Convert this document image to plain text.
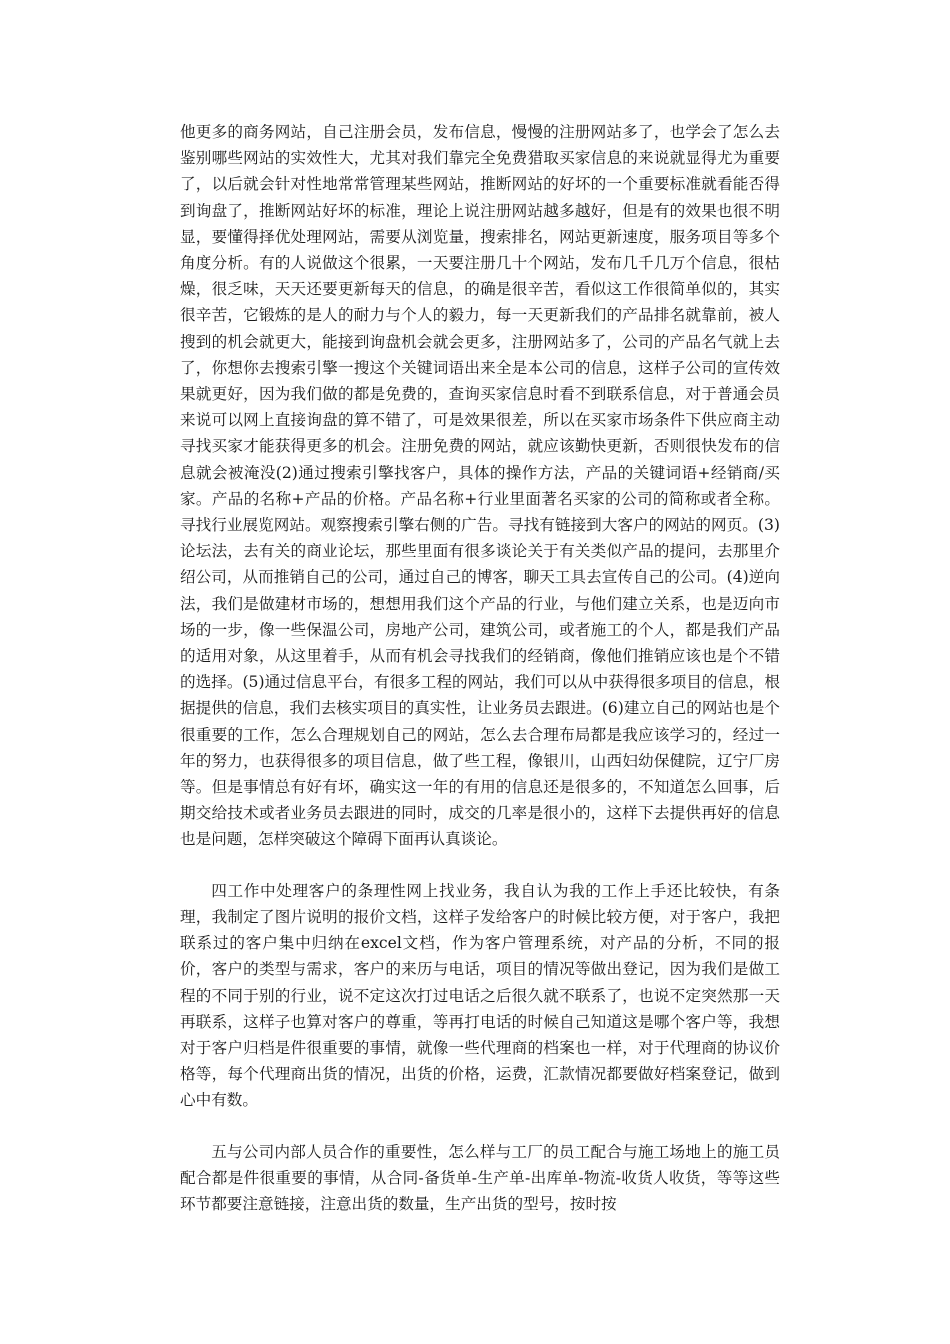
他更多的商务网站，自己注册会员，发布信息，慢慢的注册网站多了，也学会了怎么去鉴别哪些网站的实效性大，尤其对我们靠完全免费猎取买家信息的来说就显得尤为重要了，以后就会针对性地常常管理某些网站，推断网站的好坏的一个重要标准就看能否得到询盘了，推断网站好坏的标准，理论上说注册网站越多越好，但是有的效果也很不明显，要懂得择优处理网站，需要从浏览量，搜索排名，网站更新速度，服务项目等多个角度分析。有的人说做这个很累，一天要注册几十个网站，发布几千几万个信息，很枯燥，很乏味，天天还要更新每天的信息，的确是很辛苦，看似这工作很简单似的，其实很辛苦，它锻炼的是人的耐力与个人的毅力，每一天更新我们的产品排名就靠前，被人搜到的机会就更大，能接到询盘机会就会更多，注册网站多了，公司的产品名气就上去了，你想你去搜索引擎一搜这个关键词语出来全是本公司的信息，这样子公司的宣传效果就更好，因为我们做的都是免费的，查询买家信息时看不到联系信息，对于普通会员来说可以网上直接询盘的算不错了，可是效果很差，所以在买家市场条件下供应商主动寻找买家才能获得更多的机会。注册免费的网站，就应该勤快更新，否则很快发布的信息就会被淹没(2)通过搜索引擎找客户，具体的操作方法，产品的关键词语+经销商/买家。产品的名称+产品的价格。产品名称+行业里面著名买家的公司的简称或者全称。寻找行业展览网站。观察搜索引擎右侧的广告。寻找有链接到大客户的网站的网页。(3)论坛法，去有关的商业论坛，那些里面有很多谈论关于有关类似产品的提问，去那里介绍公司，从而推销自己的公司，通过自己的博客，聊天工具去宣传自己的公司。(4)逆向法，我们是做建材市场的，想想用我们这个产品的行业，与他们建立关系，也是迈向市场的一步，像一些保温公司，房地产公司，建筑公司，或者施工的个人，都是我们产品的适用对象，从这里着手，从而有机会寻找我们的经销商，像他们推销应该也是个不错的选择。(5)通过信息平台，有很多工程的网站，我们可以从中获得很多项目的信息，根据提供的信息，我们去核实项目的真实性，让业务员去跟进。(6)建立自己的网站也是个很重要的工作，怎么合理规划自己的网站，怎么去合理布局都是我应该学习的，经过一年的努力，也获得很多的项目信息，做了些工程，像银川，山西妇幼保健院，辽宁厂房等。但是事情总有好有坏，确实这一年的有用的信息还是很多的，不知道怎么回事，后期交给技术或者业务员去跟进的同时，成交的几率是很小的，这样下去提供再好的信息也是问题，怎样突破这个障碍下面再认真谈论。

四工作中处理客户的条理性网上找业务，我自认为我的工作上手还比较快，有条理，我制定了图片说明的报价文档，这样子发给客户的时候比较方便，对于客户，我把联系过的客户集中归纳在excel文档，作为客户管理系统，对产品的分析，不同的报价，客户的类型与需求，客户的来历与电话，项目的情况等做出登记，因为我们是做工程的不同于别的行业，说不定这次打过电话之后很久就不联系了，也说不定突然那一天再联系，这样子也算对客户的尊重，等再打电话的时候自己知道这是哪个客户等，我想对于客户归档是件很重要的事情，就像一些代理商的档案也一样，对于代理商的协议价格等，每个代理商出货的情况，出货的价格，运费，汇款情况都要做好档案登记，做到心中有数。

五与公司内部人员合作的重要性，怎么样与工厂的员工配合与施工场地上的施工员配合都是件很重要的事情，从合同-备货单-生产单-出库单-物流-收货人收货，等等这些环节都要注意链接，注意出货的数量，生产出货的型号，按时按
